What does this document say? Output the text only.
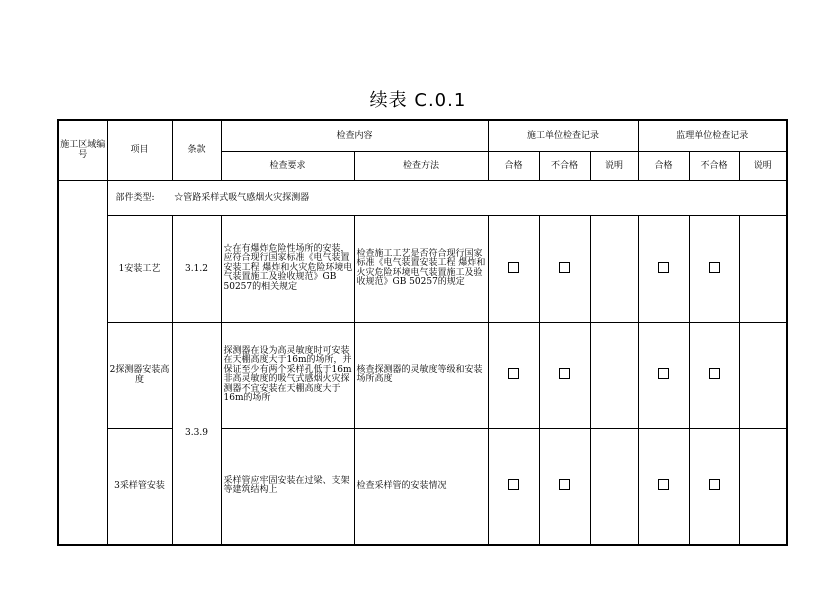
续表 C.0.1
施工区域编号	项目	条款	检查内容		施工单位检查记录			监理单位检查记录		
			检查要求	检查方法	合格	不合格	说明	合格	不合格	说明
	部件类型: ☆管路采样式吸气感烟火灾探测器									
	1安装工艺	3.1.2	☆在有爆炸危险性场所的安装，应符合现行国家标准《电气装置安装工程 爆炸和火灾危险环境电气装置施工及验收规范》GB 50257的相关规定	检查施工工艺是否符合现行国家标准《电气装置安装工程 爆炸和火灾危险环境电气装置施工及验收规范》GB 50257的规定						
	2探测器安装高度	3.3.9	探测器在设为高灵敏度时可安装在天棚高度大于16m的场所，并保证至少有两个采样孔低于16m 非高灵敏度的吸气式感烟火灾探测器不宜安装在天棚高度大于16m的场所	核查探测器的灵敏度等级和安装场所高度						
	3采样管安装		采样管应牢固安装在过梁、支架等建筑结构上	检查采样管的安装情况						
